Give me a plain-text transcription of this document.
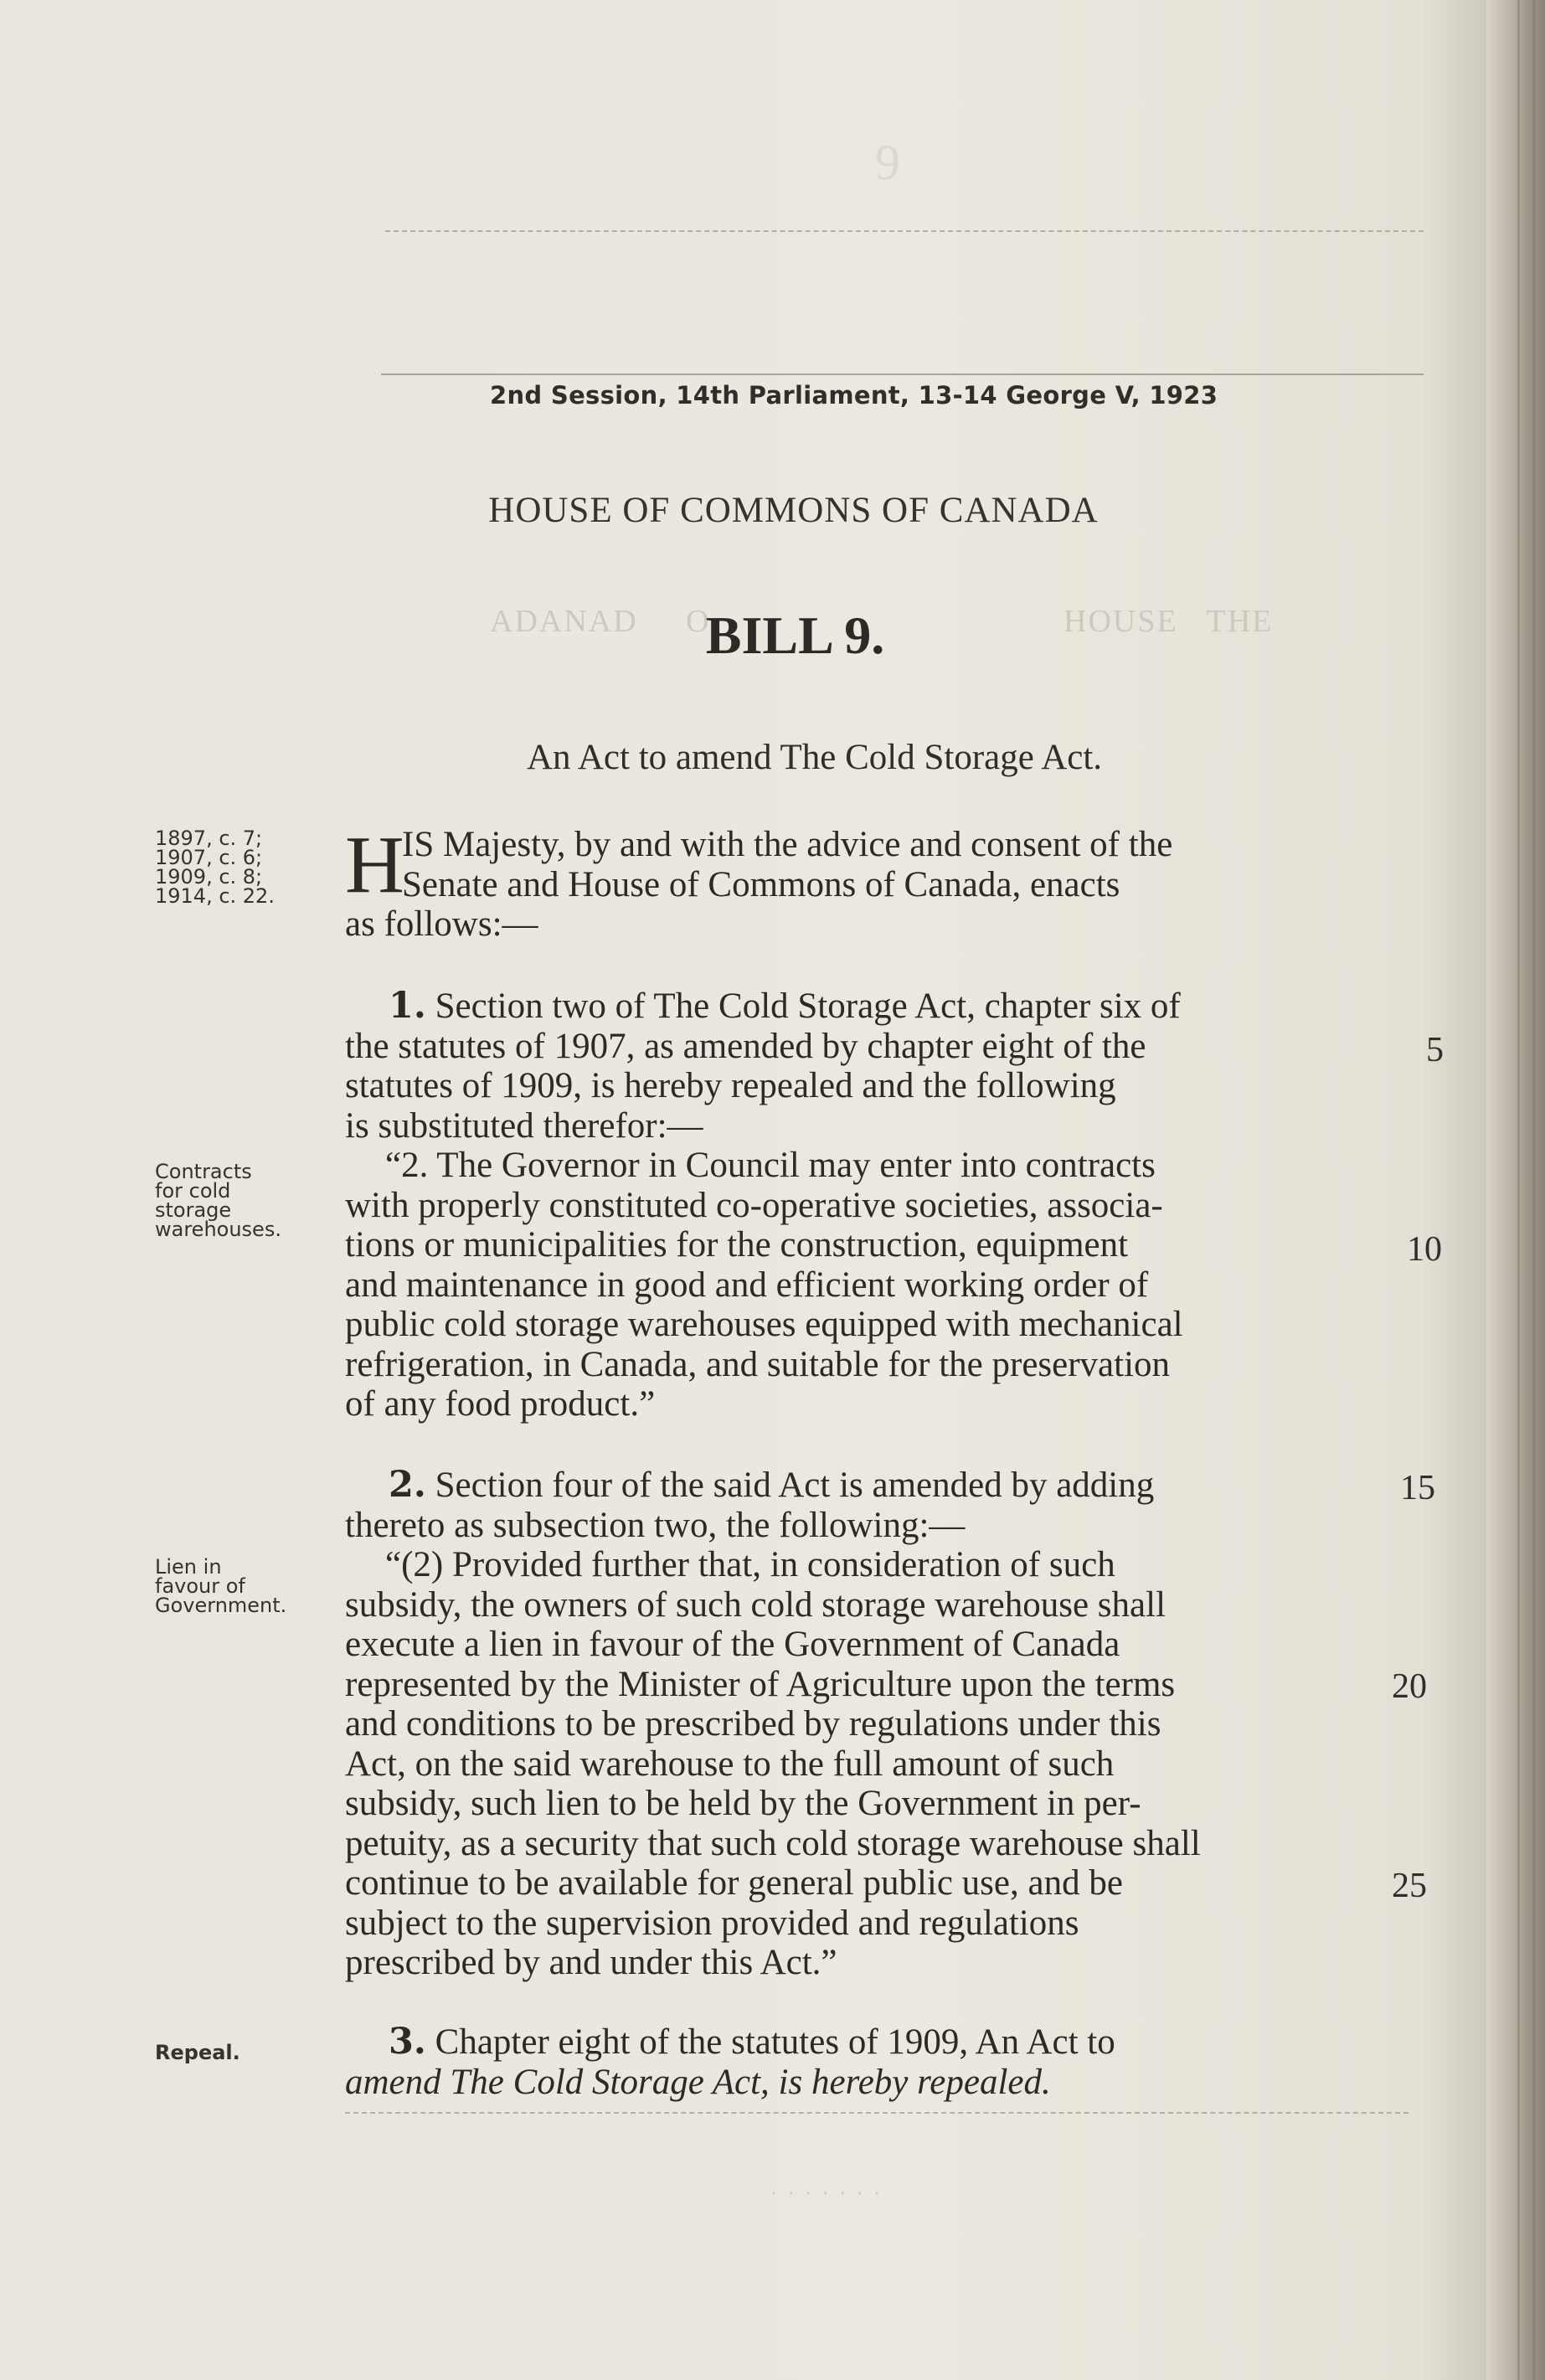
9
ADANAD     O	HOUSE   THE
· · · · · · ·
2nd Session, 14th Parliament, 13-14 George V, 1923
HOUSE OF COMMONS OF CANADA
BILL 9.
An Act to amend The Cold Storage Act.
1897, c. 7;
1907, c. 6;
1909, c. 8;
1914, c. 22.
Contracts
for cold
storage
warehouses.
Lien in
favour of
Government.
Repeal.
H
IS Majesty, by and with the advice and consent of the
Senate and House of Commons of Canada, enacts
as follows:—
1. Section two of The Cold Storage Act, chapter six of
the statutes of 1907, as amended by chapter eight of the
statutes of 1909, is hereby repealed and the following
is substituted therefor:—
“2. The Governor in Council may enter into contracts
with properly constituted co-operative societies, associa-
tions or municipalities for the construction, equipment
and maintenance in good and efficient working order of
public cold storage warehouses equipped with mechanical
refrigeration, in Canada, and suitable for the preservation
of any food product.”
2. Section four of the said Act is amended by adding
thereto as subsection two, the following:—
“(2) Provided further that, in consideration of such
subsidy, the owners of such cold storage warehouse shall
execute a lien in favour of the Government of Canada
represented by the Minister of Agriculture upon the terms
and conditions to be prescribed by regulations under this
Act, on the said warehouse to the full amount of such
subsidy, such lien to be held by the Government in per-
petuity, as a security that such cold storage warehouse shall
continue to be available for general public use, and be
subject to the supervision provided and regulations
prescribed by and under this Act.”
3. Chapter eight of the statutes of 1909, An Act to
amend The Cold Storage Act, is hereby repealed.
5
10
15
20
25
